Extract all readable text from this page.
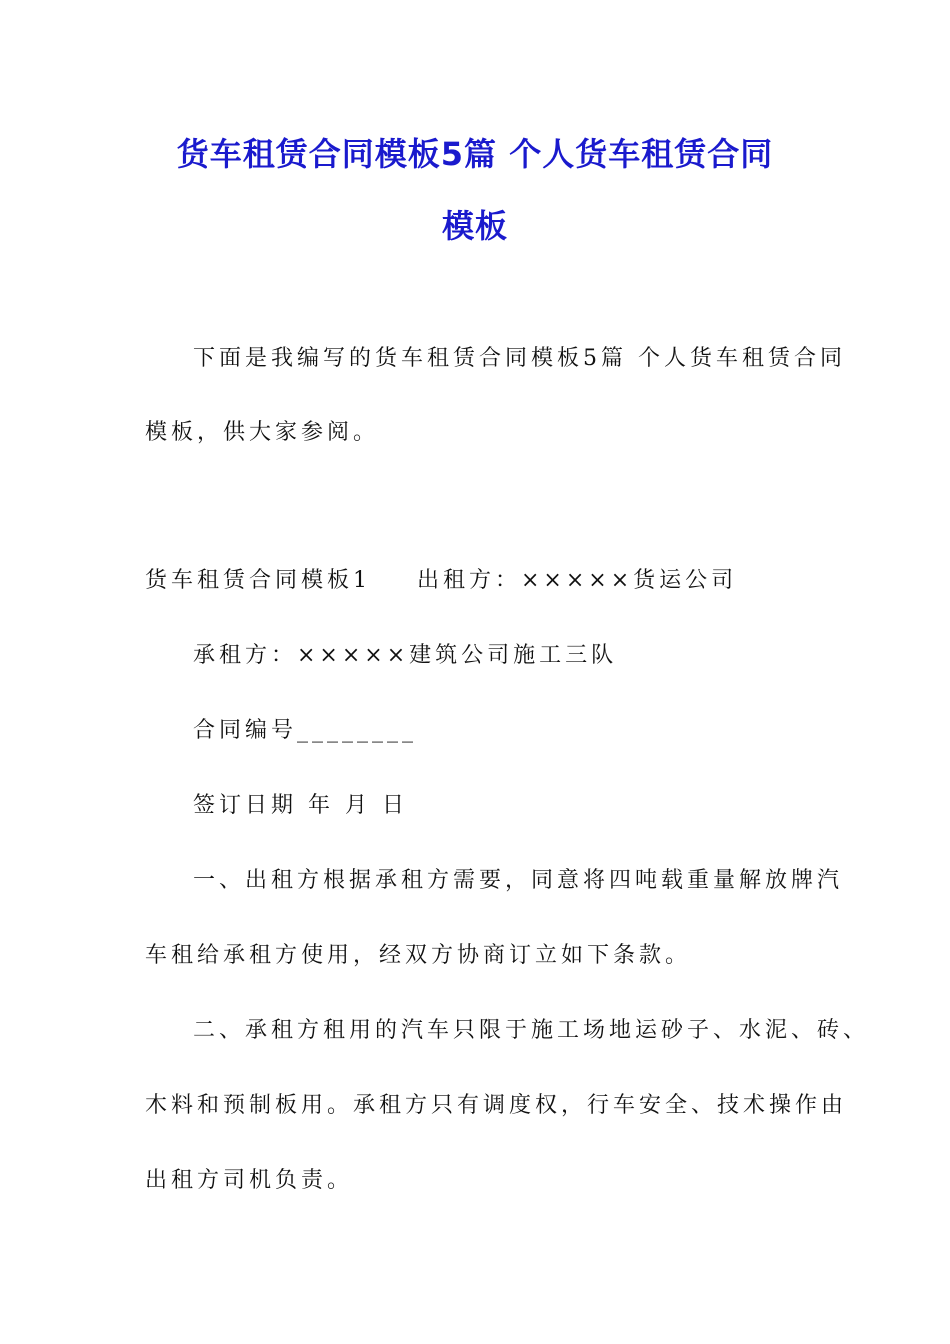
货车租赁合同模板5篇 个人货车租赁合同
模板
下面是我编写的货车租赁合同模板5篇 个人货车租赁合同
模板，供大家参阅。
货车租赁合同模板1 出租方：×××××货运公司
承租方：×××××建筑公司施工三队
合同编号________
签订日期 年 月 日
一、出租方根据承租方需要，同意将四吨载重量解放牌汽
车租给承租方使用，经双方协商订立如下条款。
二、承租方租用的汽车只限于施工场地运砂子、水泥、砖、
木料和预制板用。承租方只有调度权，行车安全、技术操作由
出租方司机负责。
